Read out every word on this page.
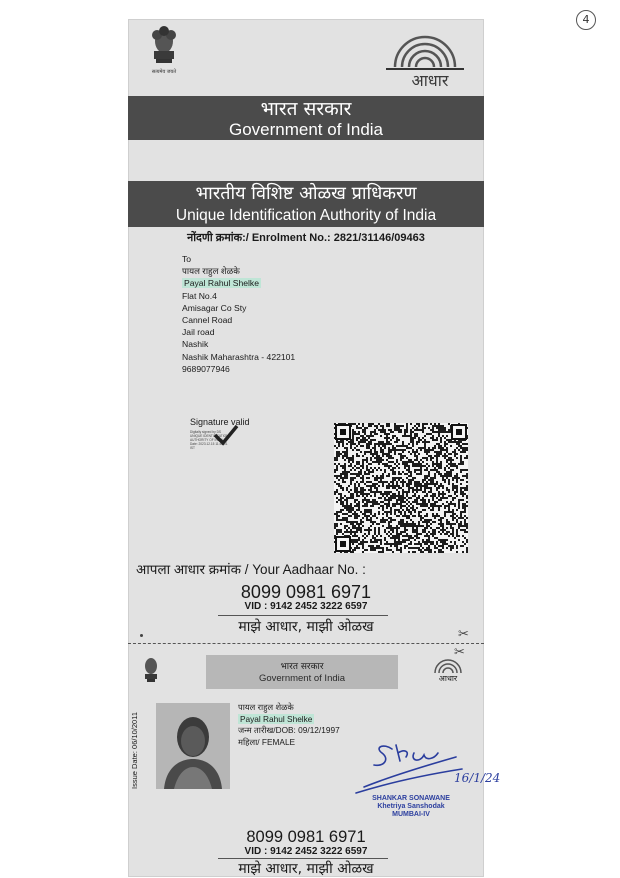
4
सत्यमेव जयते	आधार
भारत सरकार
Government of India
भारतीय विशिष्ट ओळख प्राधिकरण
Unique Identification Authority of India
नोंदणी क्रमांक:/ Enrolment No.: 2821/31146/09463
To
पायल राहुल शेळके
Payal Rahul Shelke
Flat No.4
Amisagar Co Sty
Cannel Road
Jail road
Nashik
Nashik Maharashtra - 422101
9689077946
Signature valid
Digitally signed by DS
UNIQUE IDENTIFICATION
AUTHORITY OF INDIA 05
Date: 2023.12.15 11:46:01
IST
आपला आधार क्रमांक / Your Aadhaar No. :
8099 0981 6971
VID : 9142 2452 3222 6597
माझे आधार, माझी ओळख	✂
✂
भारत सरकार
Government of India	आधार
Issue Date: 06/10/2011
पायल राहुल शेळके
Payal Rahul Shelke
जन्म तारीख/DOB: 09/12/1997
महिला/ FEMALE
16/1/24
SHANKAR SONAWANE
Khetriya Sanshodak
MUMBAI-IV
8099 0981 6971
VID : 9142 2452 3222 6597
माझे आधार, माझी ओळख
